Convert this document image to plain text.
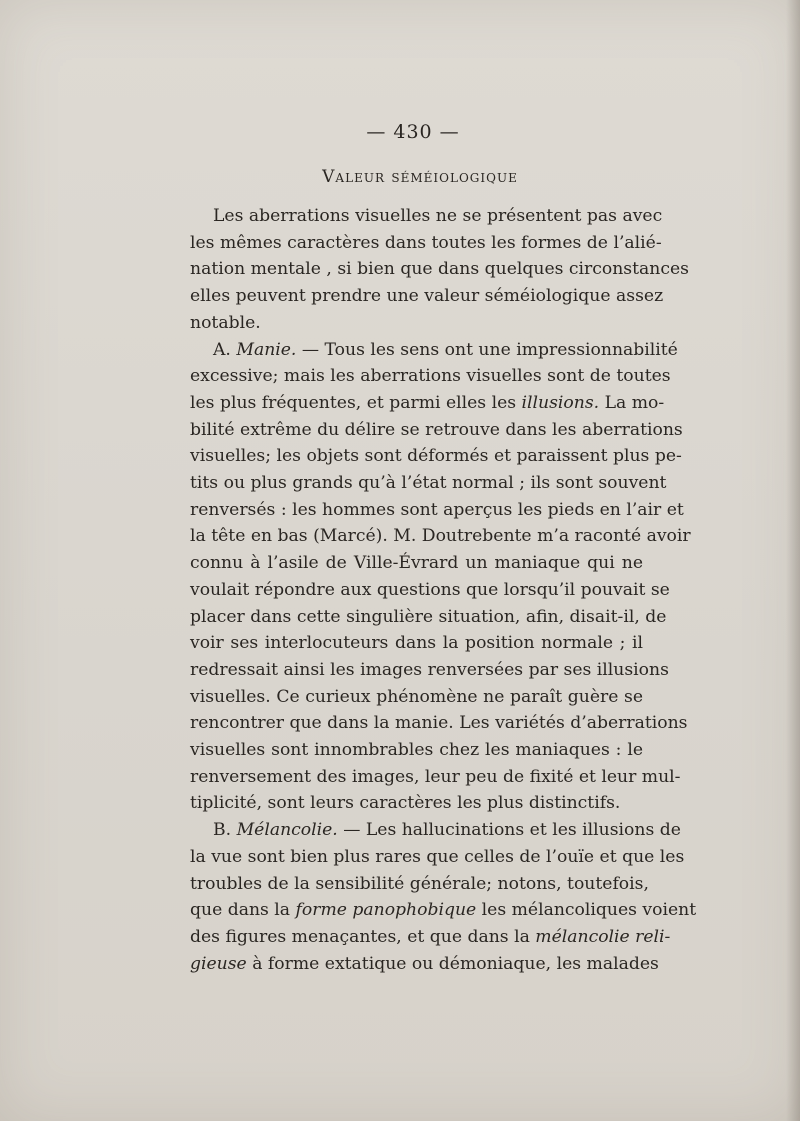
— 430 —
Valeur séméiologique
Les aberrations visuelles ne se présentent pas avec
les mêmes caractères dans toutes les formes de l’alié-
nation mentale , si bien que dans quelques circonstances
elles peuvent prendre une valeur séméiologique assez
notable.
A. Manie. — Tous les sens ont une impressionnabilité
excessive; mais les aberrations visuelles sont de toutes
les plus fréquentes, et parmi elles les illusions. La mo-
bilité extrême du délire se retrouve dans les aberrations
visuelles; les objets sont déformés et paraissent plus pe-
tits ou plus grands qu’à l’état normal ; ils sont souvent
renversés : les hommes sont aperçus les pieds en l’air et
la tête en bas (Marcé). M. Doutrebente m’a raconté avoir
connu à l’asile de Ville-Évrard un maniaque qui ne
voulait répondre aux questions que lorsqu’il pouvait se
placer dans cette singulière situation, afin, disait-il, de
voir ses interlocuteurs dans la position normale ; il
redressait ainsi les images renversées par ses illusions
visuelles. Ce curieux phénomène ne paraît guère se
rencontrer que dans la manie. Les variétés d’aberrations
visuelles sont innombrables chez les maniaques : le
renversement des images, leur peu de fixité et leur mul-
tiplicité, sont leurs caractères les plus distinctifs.
B. Mélancolie. — Les hallucinations et les illusions de
la vue sont bien plus rares que celles de l’ouïe et que les
troubles de la sensibilité générale; notons, toutefois,
que dans la forme panophobique les mélancoliques voient
des figures menaçantes, et que dans la mélancolie reli-
gieuse à forme extatique ou démoniaque, les malades
